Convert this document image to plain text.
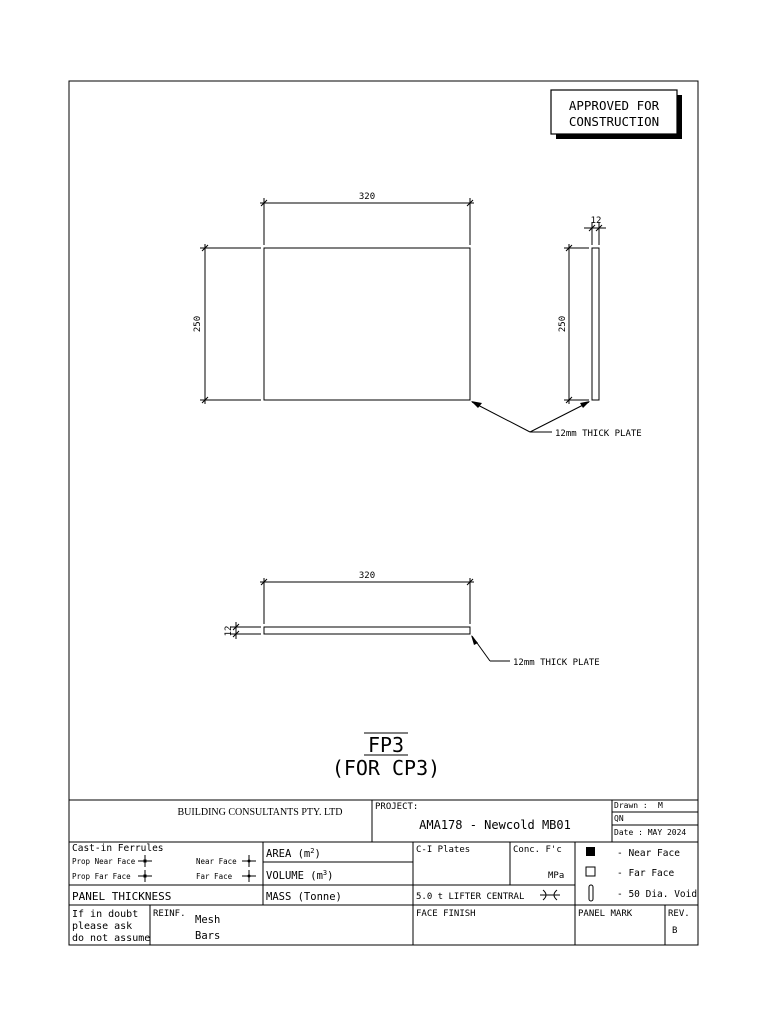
APPROVED FOR
CONSTRUCTION
320
250
12
250
12mm THICK PLATE
320
12
12mm THICK PLATE
FP3
(FOR CP3)
BUILDING CONSULTANTS PTY. LTD	PROJECT:
AMA178 - Newcold MB01
Drawn : M
QN
Date : MAY 2024
Cast-in Ferrules
Prop Near Face
Prop Far Face
Near Face
Far Face
AREA $(m^2)$
VOLUME $(m^3)$
C-I Plates	Conc. F'c
MPa
- Near Face
- Far Face
- 50 Dia. Void
PANEL THICKNESS	MASS (Tonne)	5.0 t LIFTER CENTRAL
If in doubt
please ask
do not assume
REINF. Mesh
Bars
FACE FINISH	PANEL MARK	REV.
B
